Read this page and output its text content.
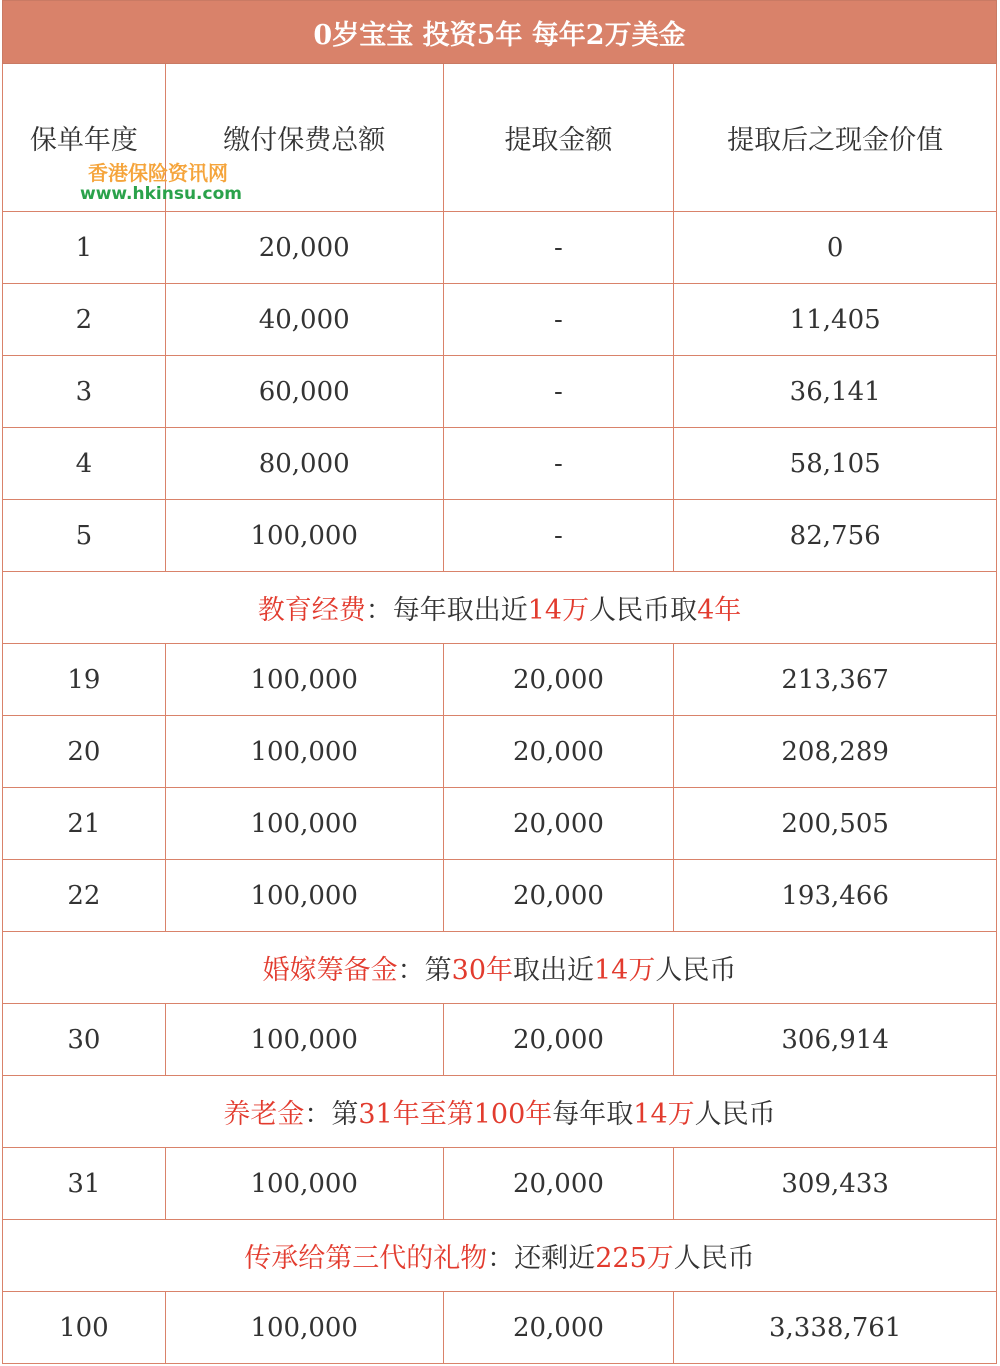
0岁宝宝 投资5年 每年2万美金
保单年度	缴付保费总额	提取金额	提取后之现金价值
1	20,000	-	0
2	40,000	-	11,405
3	60,000	-	36,141
4	80,000	-	58,105
5	100,000	-	82,756
教育经费 ：每年取出近 14万 人民币取 4年
19	100,000	20,000	213,367
20	100,000	20,000	208,289
21	100,000	20,000	200,505
22	100,000	20,000	193,466
婚嫁筹备金 ：第 30年 取出近 14万 人民币
30	100,000	20,000	306,914
养老金 ：第 31年至第100年 每年取 14万 人民币
31	100,000	20,000	309,433
传承给第三代的礼物 ：还剩近 225万 人民币
100	100,000	20,000	3,338,761
香港保险资讯网
www.hkinsu.com
